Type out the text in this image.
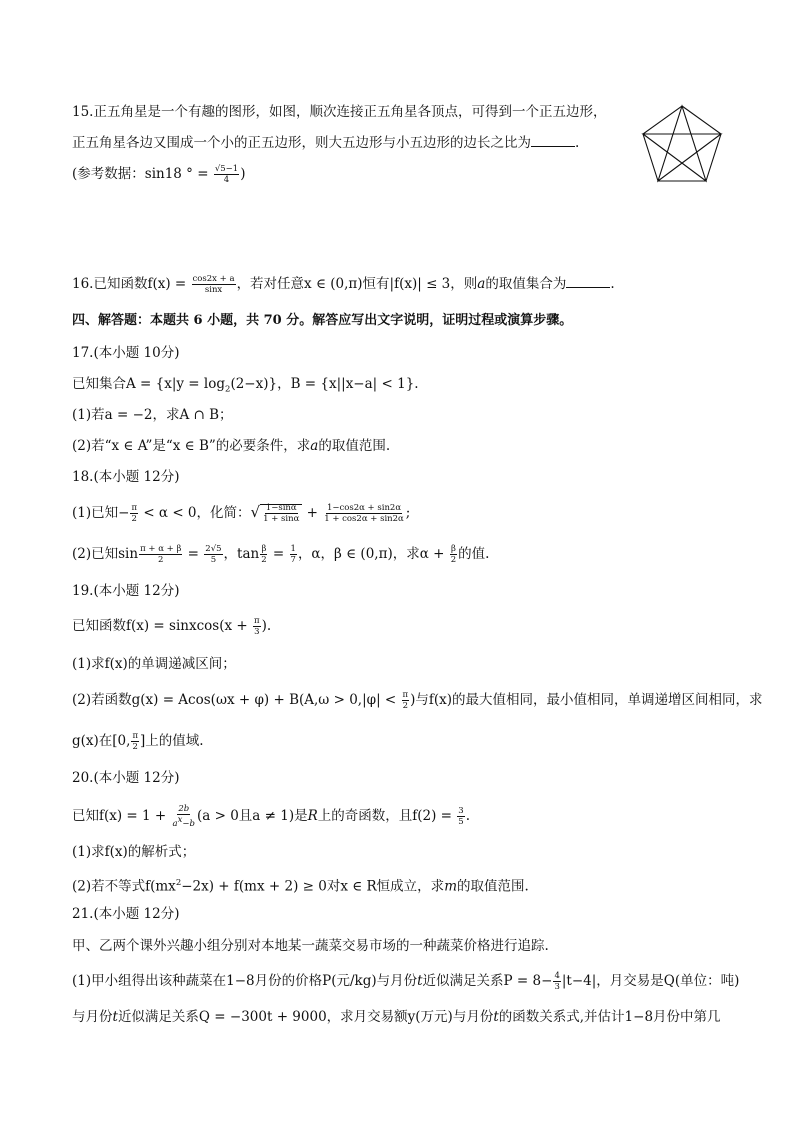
15.正五角星是一个有趣的图形，如图，顺次连接正五角星各顶点，可得到一个正五边形，
正五角星各边又围成一个小的正五边形，则大五边形与小五边形的边长之比为	.
(参考数据：sin18 ° = $\frac{√5-1}{4}$ )
16.已知函数$f(x) = \frac{\cos 2x + a}{\sin x}$ ，若对任意x ∈ (0,π)恒有|f(x)| ≤ 3，则a的取值集合为	.
四、解答题：本题共 6 小题，共 70 分。解答应写出文字说明，证明过程或演算步骤。
17.(本小题 10分)
已知集合$A = \{x|y = \log_2(2-x)\}$，B = {x||x−a| < 1}.
(1)若a = −2，求A ∩ B；
(2)若“x ∈ A”是“x ∈ B”的必要条件，求a的取值范围.
18.(本小题 12分)
(1)已知− $\frac{\pi}{2} < \alpha < 0$，化简：√ $\frac{1-\sin\alpha}{1 + \sin\alpha} + \frac{1-\cos 2\alpha + \sin 2\alpha}{1 + \cos 2\alpha + \sin 2\alpha}$ ;
(2)已知$\sin \frac{\pi + \alpha + \beta}{2} = \frac{2√5}{5}$ ，$\tan \frac{\beta}{2} = \frac{1}{7}$ ，α，β ∈ (0,π)，求$\alpha + \frac{\beta}{2}$ 的值.
19.(本小题 12分)
已知函数f(x) = sinxcos(x + $\frac{\pi}{3}$ ).
(1)求f(x)的单调递减区间；
(2)若函数$g(x) = Acos(\omega x + \varphi) + B(A,\omega > 0,|\varphi| < \frac{\pi}{2}$ )与f(x)的最大值相同，最小值相同，单调递增区间相同，求
g(x)在[0, $\frac{\pi}{2}$ ]上的值域.
20.(本小题 12分)
已知$f(x) = 1 + \frac{2b}{a^x-b} (a > 0$且a ≠ 1)是R上的奇函数，且$f(2) = \frac{3}{5}$ .
(1)求f(x)的解析式；
(2)若不等式$f(mx^2-2x) + f(mx + 2) \ge 0$对x ∈ R恒成立，求m的取值范围.
21.(本小题 12分)
甲、乙两个课外兴趣小组分别对本地某一蔬菜交易市场的一种蔬菜价格进行追踪.
(1)甲小组得出该种蔬菜在1−8月份的价格P(元/kg)与月份t近似满足关系$P = 8- \frac{4}{3} |t-4|$，月交易是Q(单位：吨)
与月份t近似满足关系Q = −300t + 9000，求月交易额y(万元)与月份t的函数关系式,并估计1−8月份中第几
